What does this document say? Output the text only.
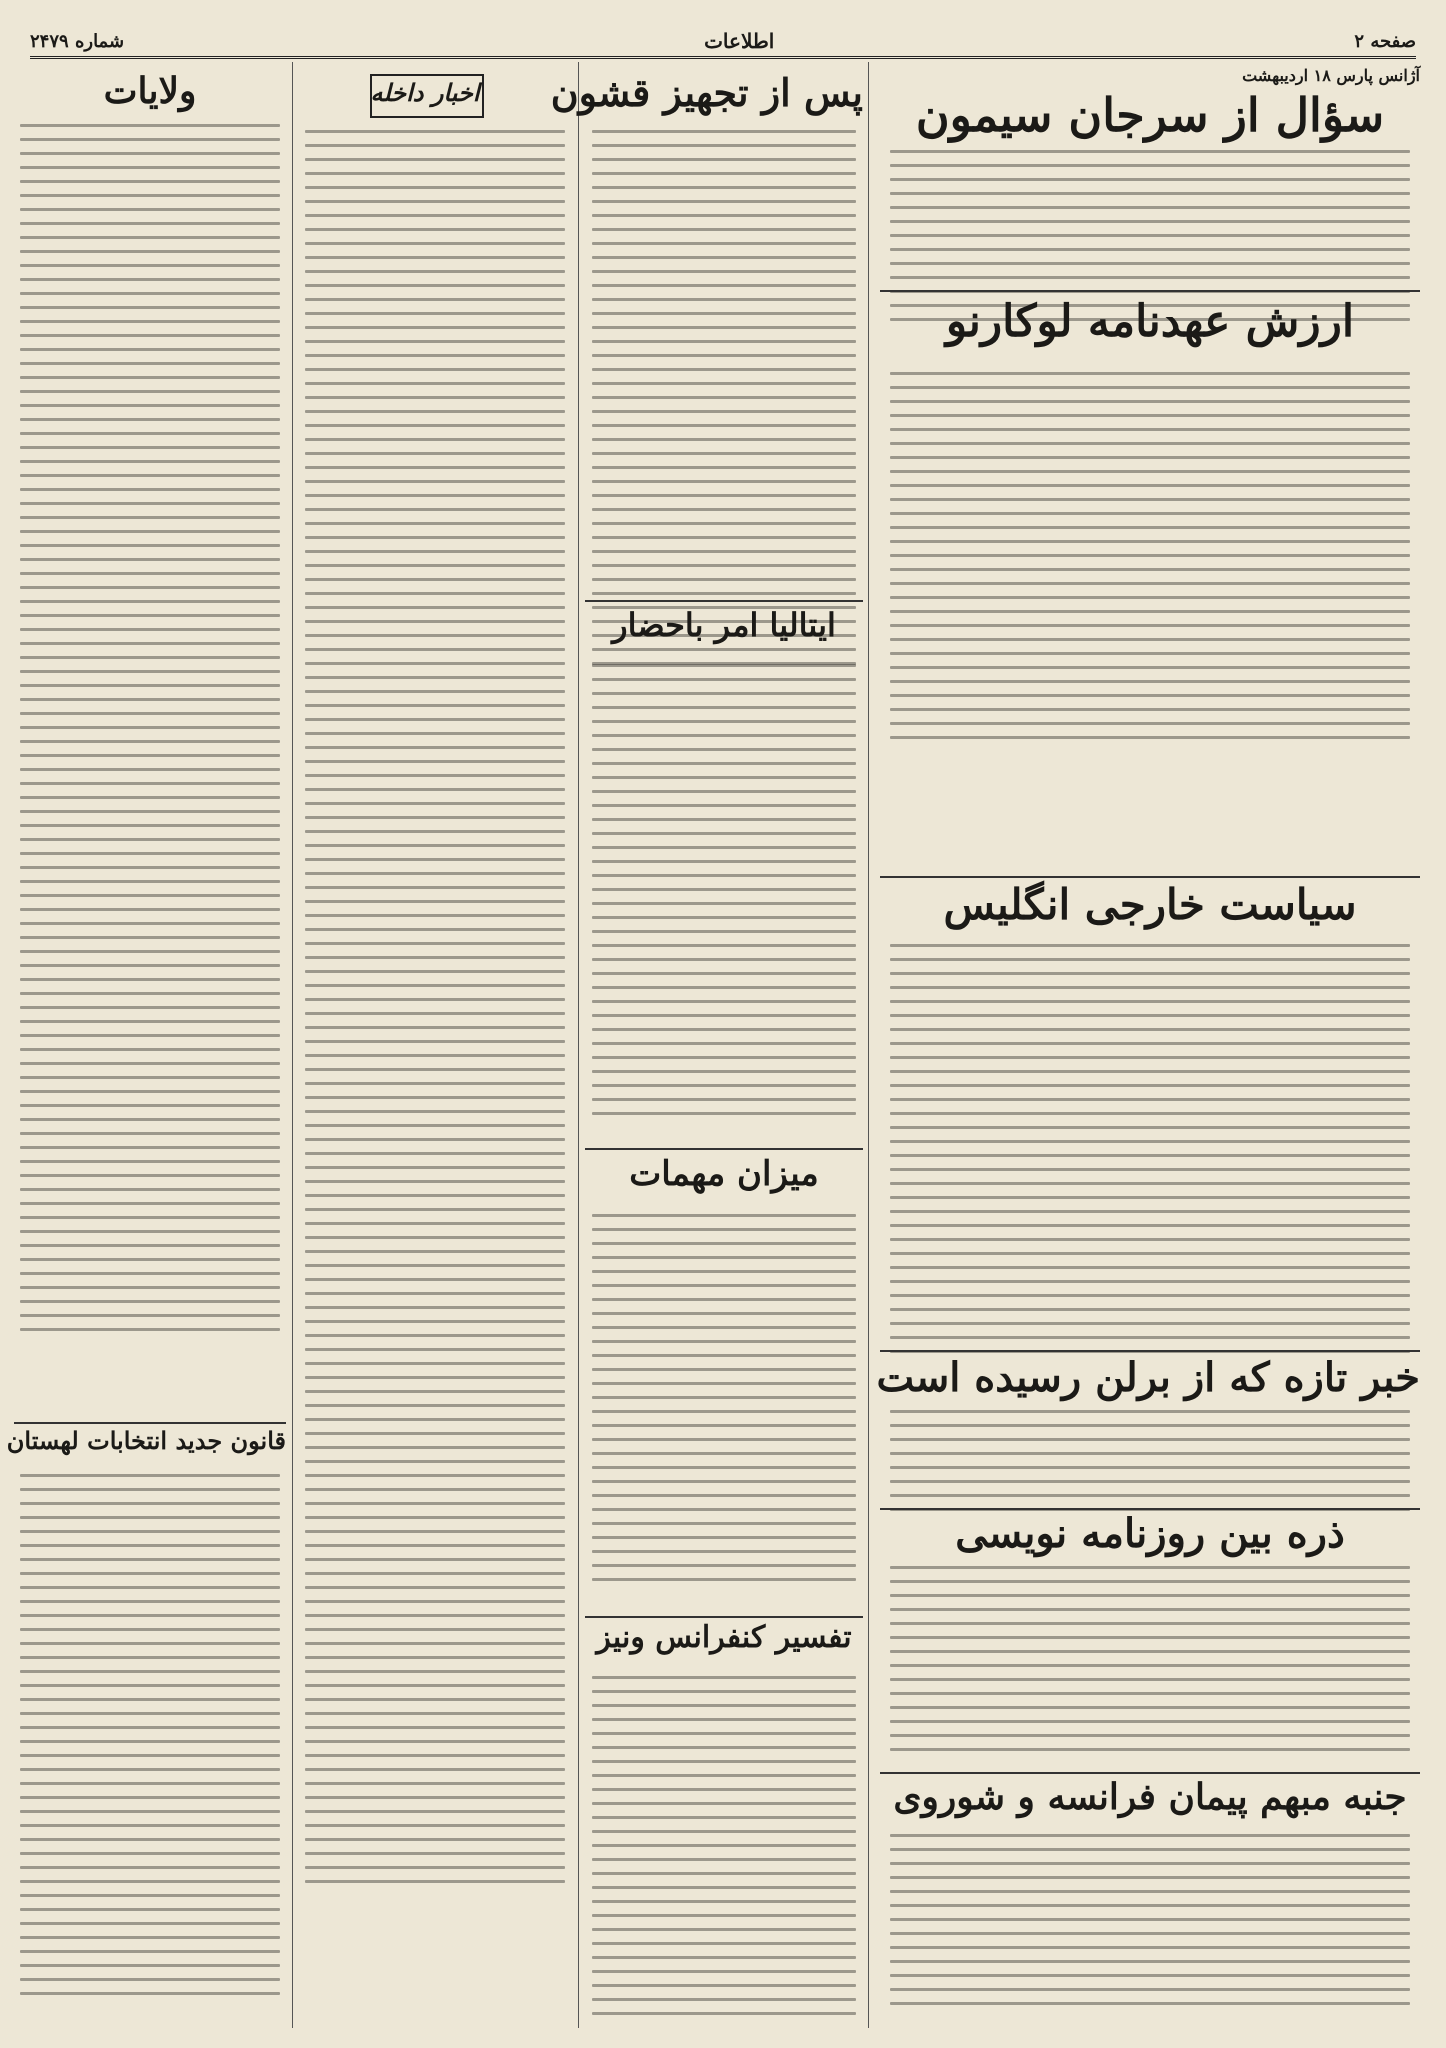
صفحه ۲
اطلاعات
شماره ۲۴۷۹
آژانس پارس ۱۸ اردیبهشت
سؤال از سرجان سیمون
ارزش عهدنامه لوکارنو
سیاست خارجی انگلیس
خبر تازه که از برلن رسیده است
ذره بین روزنامه نویسی
جنبه مبهم پیمان فرانسه و شوروی
پس از تجهیز قشون
ایتالیا امر باحضار
میزان مهمات
تفسیر کنفرانس ونیز
اخبار داخله
ولایات
قانون جدید انتخابات لهستان
